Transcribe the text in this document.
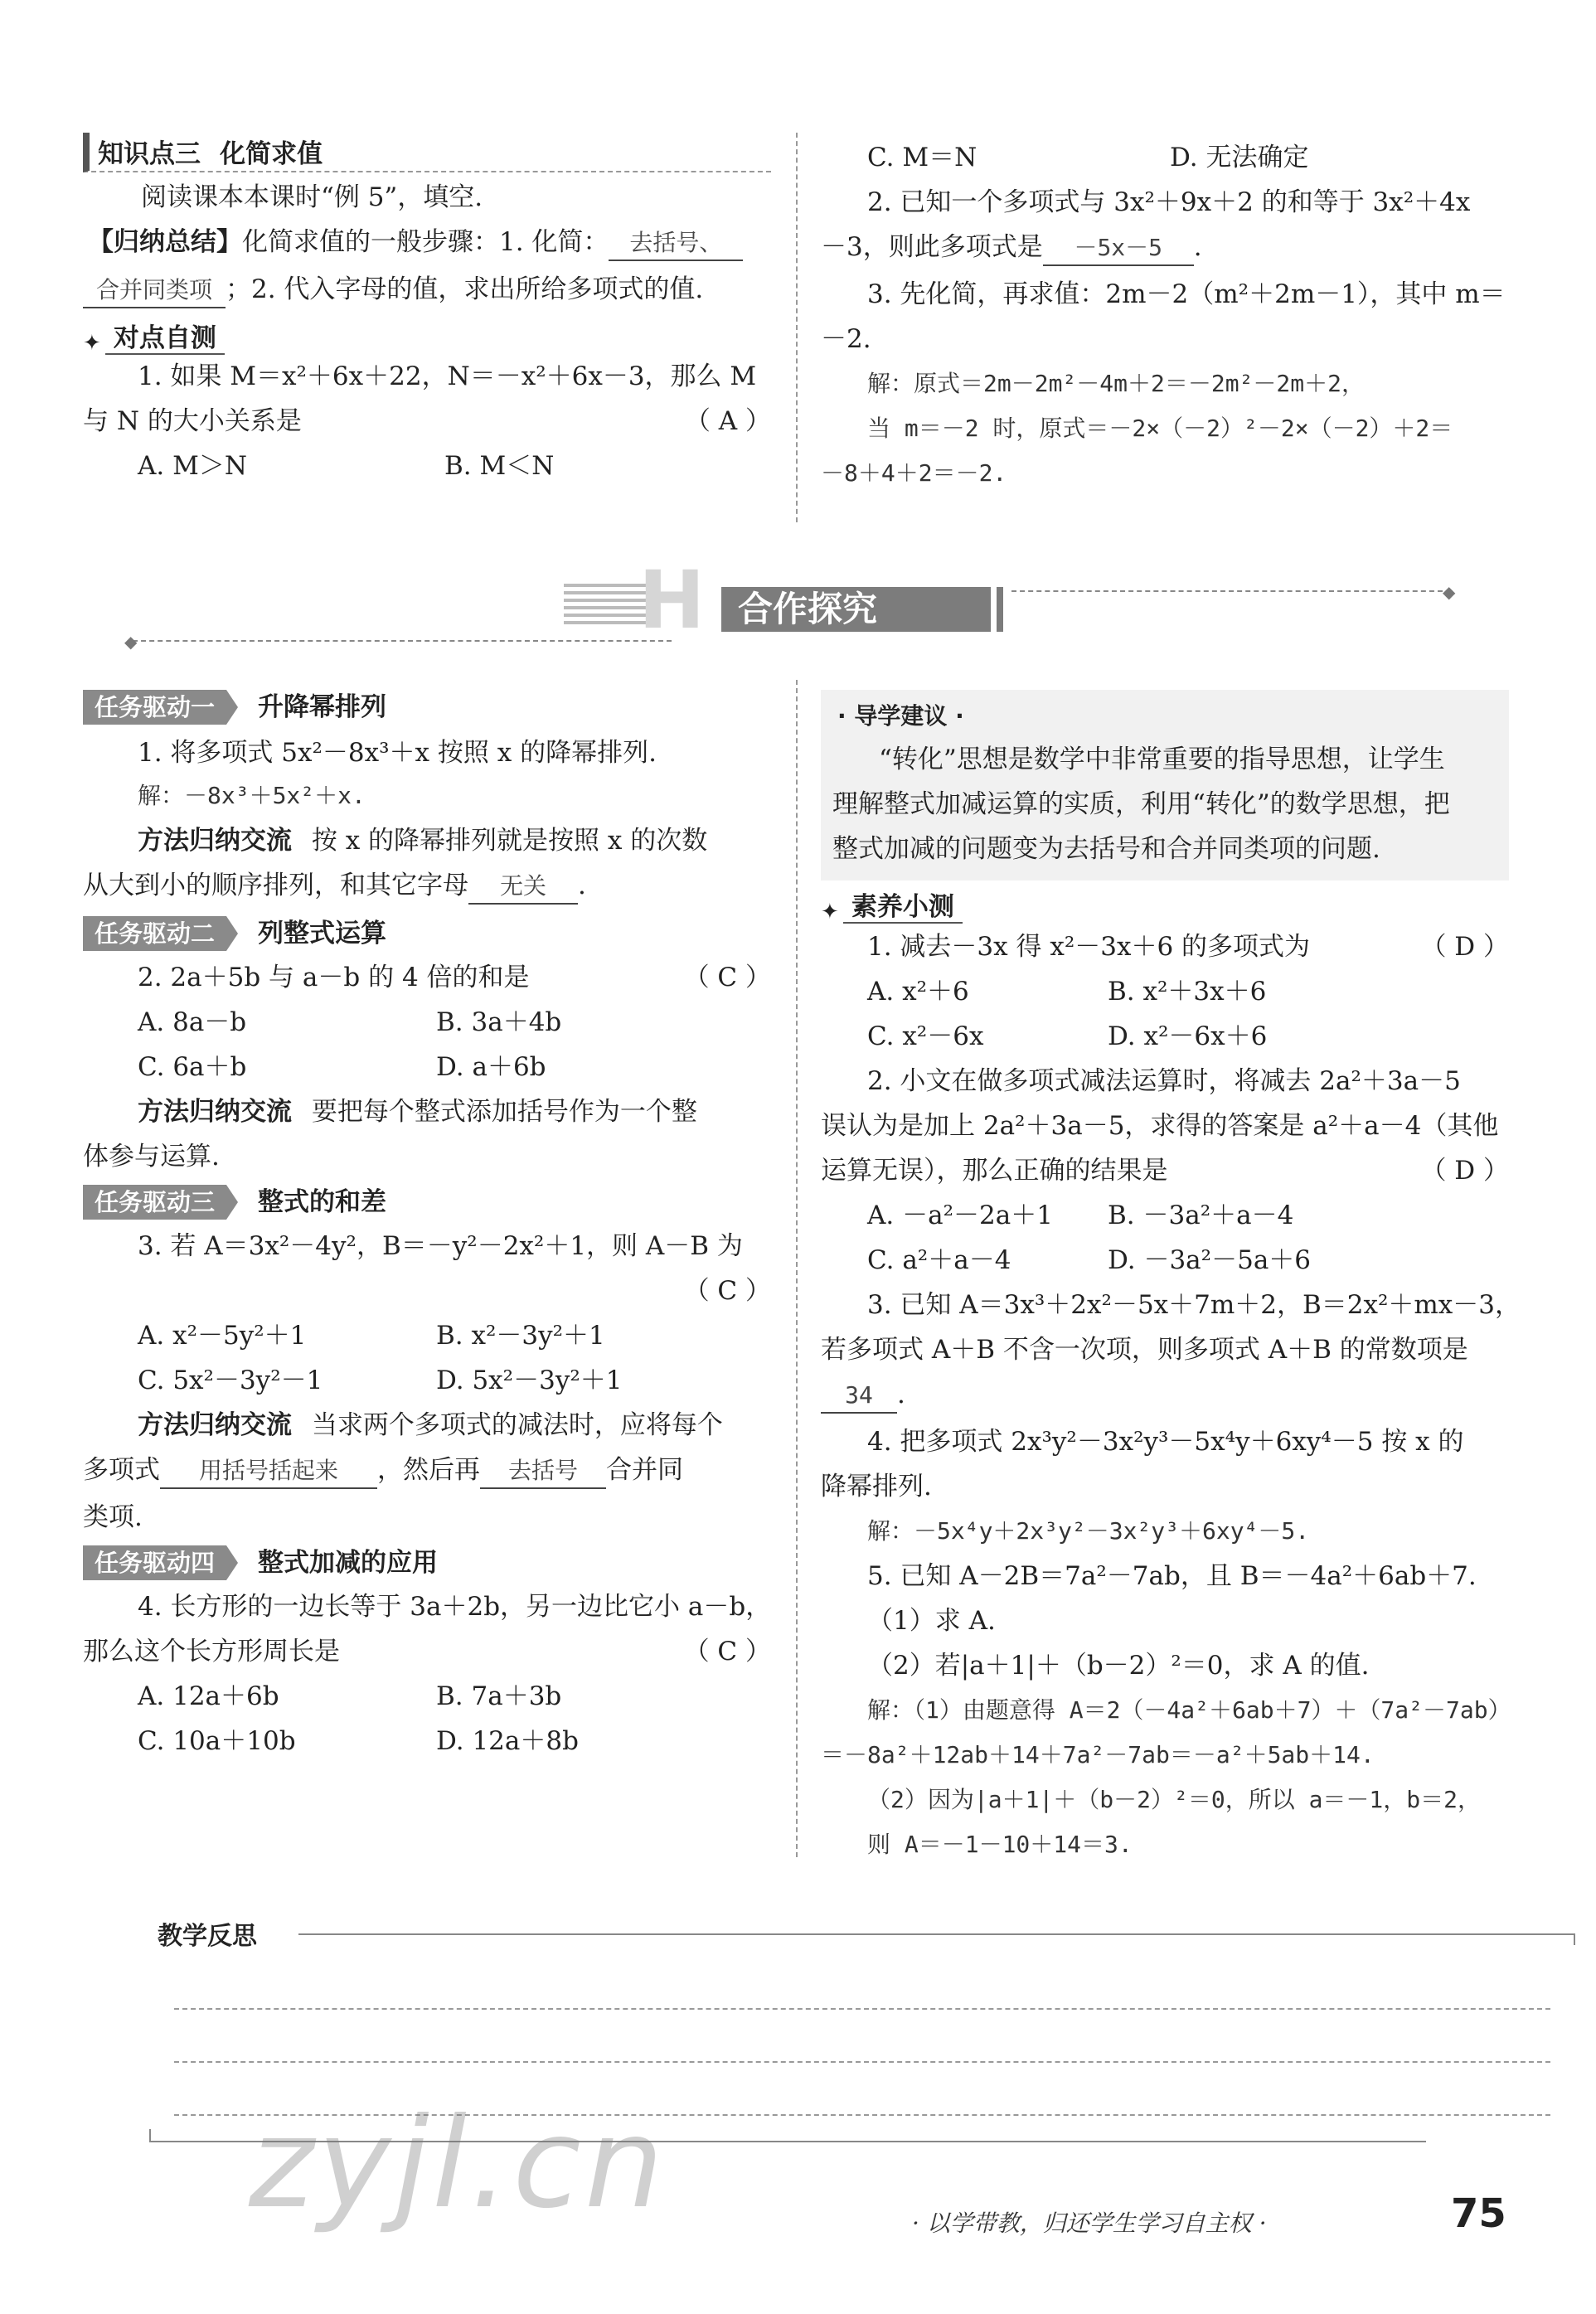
知识点三 化简求值
阅读课本本课时“例 5”，填空.
【归纳总结】化简求值的一般步骤：1. 化简： 去括号、
合并同类项 ；2. 代入字母的值，求出所给多项式的值.
✦ 对点自测
1. 如果 M＝x²＋6x＋22，N＝－x²＋6x－3，那么 M
与 N 的大小关系是	（ A ）
A. M＞N	B. M＜N
C. M＝N	D. 无法确定
2. 已知一个多项式与 3x²＋9x＋2 的和等于 3x²＋4x
－3，则此多项式是 －5x－5 .
3. 先化简，再求值：2m－2（m²＋2m－1），其中 m＝
－2.
解：原式＝2m－2m²－4m＋2＝－2m²－2m＋2，
当 m＝－2 时，原式＝－2×（－2）²－2×（－2）＋2＝
－8＋4＋2＝－2.
◆
◆
H 合作探究
任务驱动一 升降幂排列
1. 将多项式 5x²－8x³＋x 按照 x 的降幂排列.
解：－8x³＋5x²＋x.
方法归纳交流 按 x 的降幂排列就是按照 x 的次数
从大到小的顺序排列，和其它字母 无关 .
任务驱动二 列整式运算
2. 2a＋5b 与 a－b 的 4 倍的和是	（ C ）
A. 8a－b	B. 3a＋4b
C. 6a＋b	D. a＋6b
方法归纳交流 要把每个整式添加括号作为一个整
体参与运算.
任务驱动三 整式的和差
3. 若 A＝3x²－4y²，B＝－y²－2x²＋1，则 A－B 为
（ C ）
A. x²－5y²＋1	B. x²－3y²＋1
C. 5x²－3y²－1	D. 5x²－3y²＋1
方法归纳交流 当求两个多项式的减法时，应将每个
多项式 用括号括起来 ，然后再 去括号 合并同
类项.
任务驱动四 整式加减的应用
4. 长方形的一边长等于 3a＋2b，另一边比它小 a－b，
那么这个长方形周长是	（ C ）
A. 12a＋6b	B. 7a＋3b
C. 10a＋10b	D. 12a＋8b
· 导学建议 ·
“转化”思想是数学中非常重要的指导思想，让学生
理解整式加减运算的实质，利用“转化”的数学思想，把
整式加减的问题变为去括号和合并同类项的问题.
✦ 素养小测
1. 减去－3x 得 x²－3x＋6 的多项式为	（ D ）
A. x²＋6	B. x²＋3x＋6
C. x²－6x	D. x²－6x＋6
2. 小文在做多项式减法运算时，将减去 2a²＋3a－5
误认为是加上 2a²＋3a－5，求得的答案是 a²＋a－4（其他
运算无误），那么正确的结果是	（ D ）
A. －a²－2a＋1 B. －3a²＋a－4
C. a²＋a－4	D. －3a²－5a＋6
3. 已知 A＝3x³＋2x²－5x＋7m＋2，B＝2x²＋mx－3，
若多项式 A＋B 不含一次项，则多项式 A＋B 的常数项是
34 .
4. 把多项式 2x³y²－3x²y³－5x⁴y＋6xy⁴－5 按 x 的
降幂排列.
解：－5x⁴y＋2x³y²－3x²y³＋6xy⁴－5.
5. 已知 A－2B＝7a²－7ab，且 B＝－4a²＋6ab＋7.
（1）求 A.
（2）若|a＋1|＋（b－2）²＝0，求 A 的值.
解：（1）由题意得 A＝2（－4a²＋6ab＋7）＋（7a²－7ab）
＝－8a²＋12ab＋14＋7a²－7ab＝－a²＋5ab＋14.
（2）因为|a＋1|＋（b－2）²＝0，所以 a＝－1，b＝2，
则 A＝－1－10＋14＝3.
教学反思
zyjl.cn	· 以学带教，归还学生学习自主权 ·	75
